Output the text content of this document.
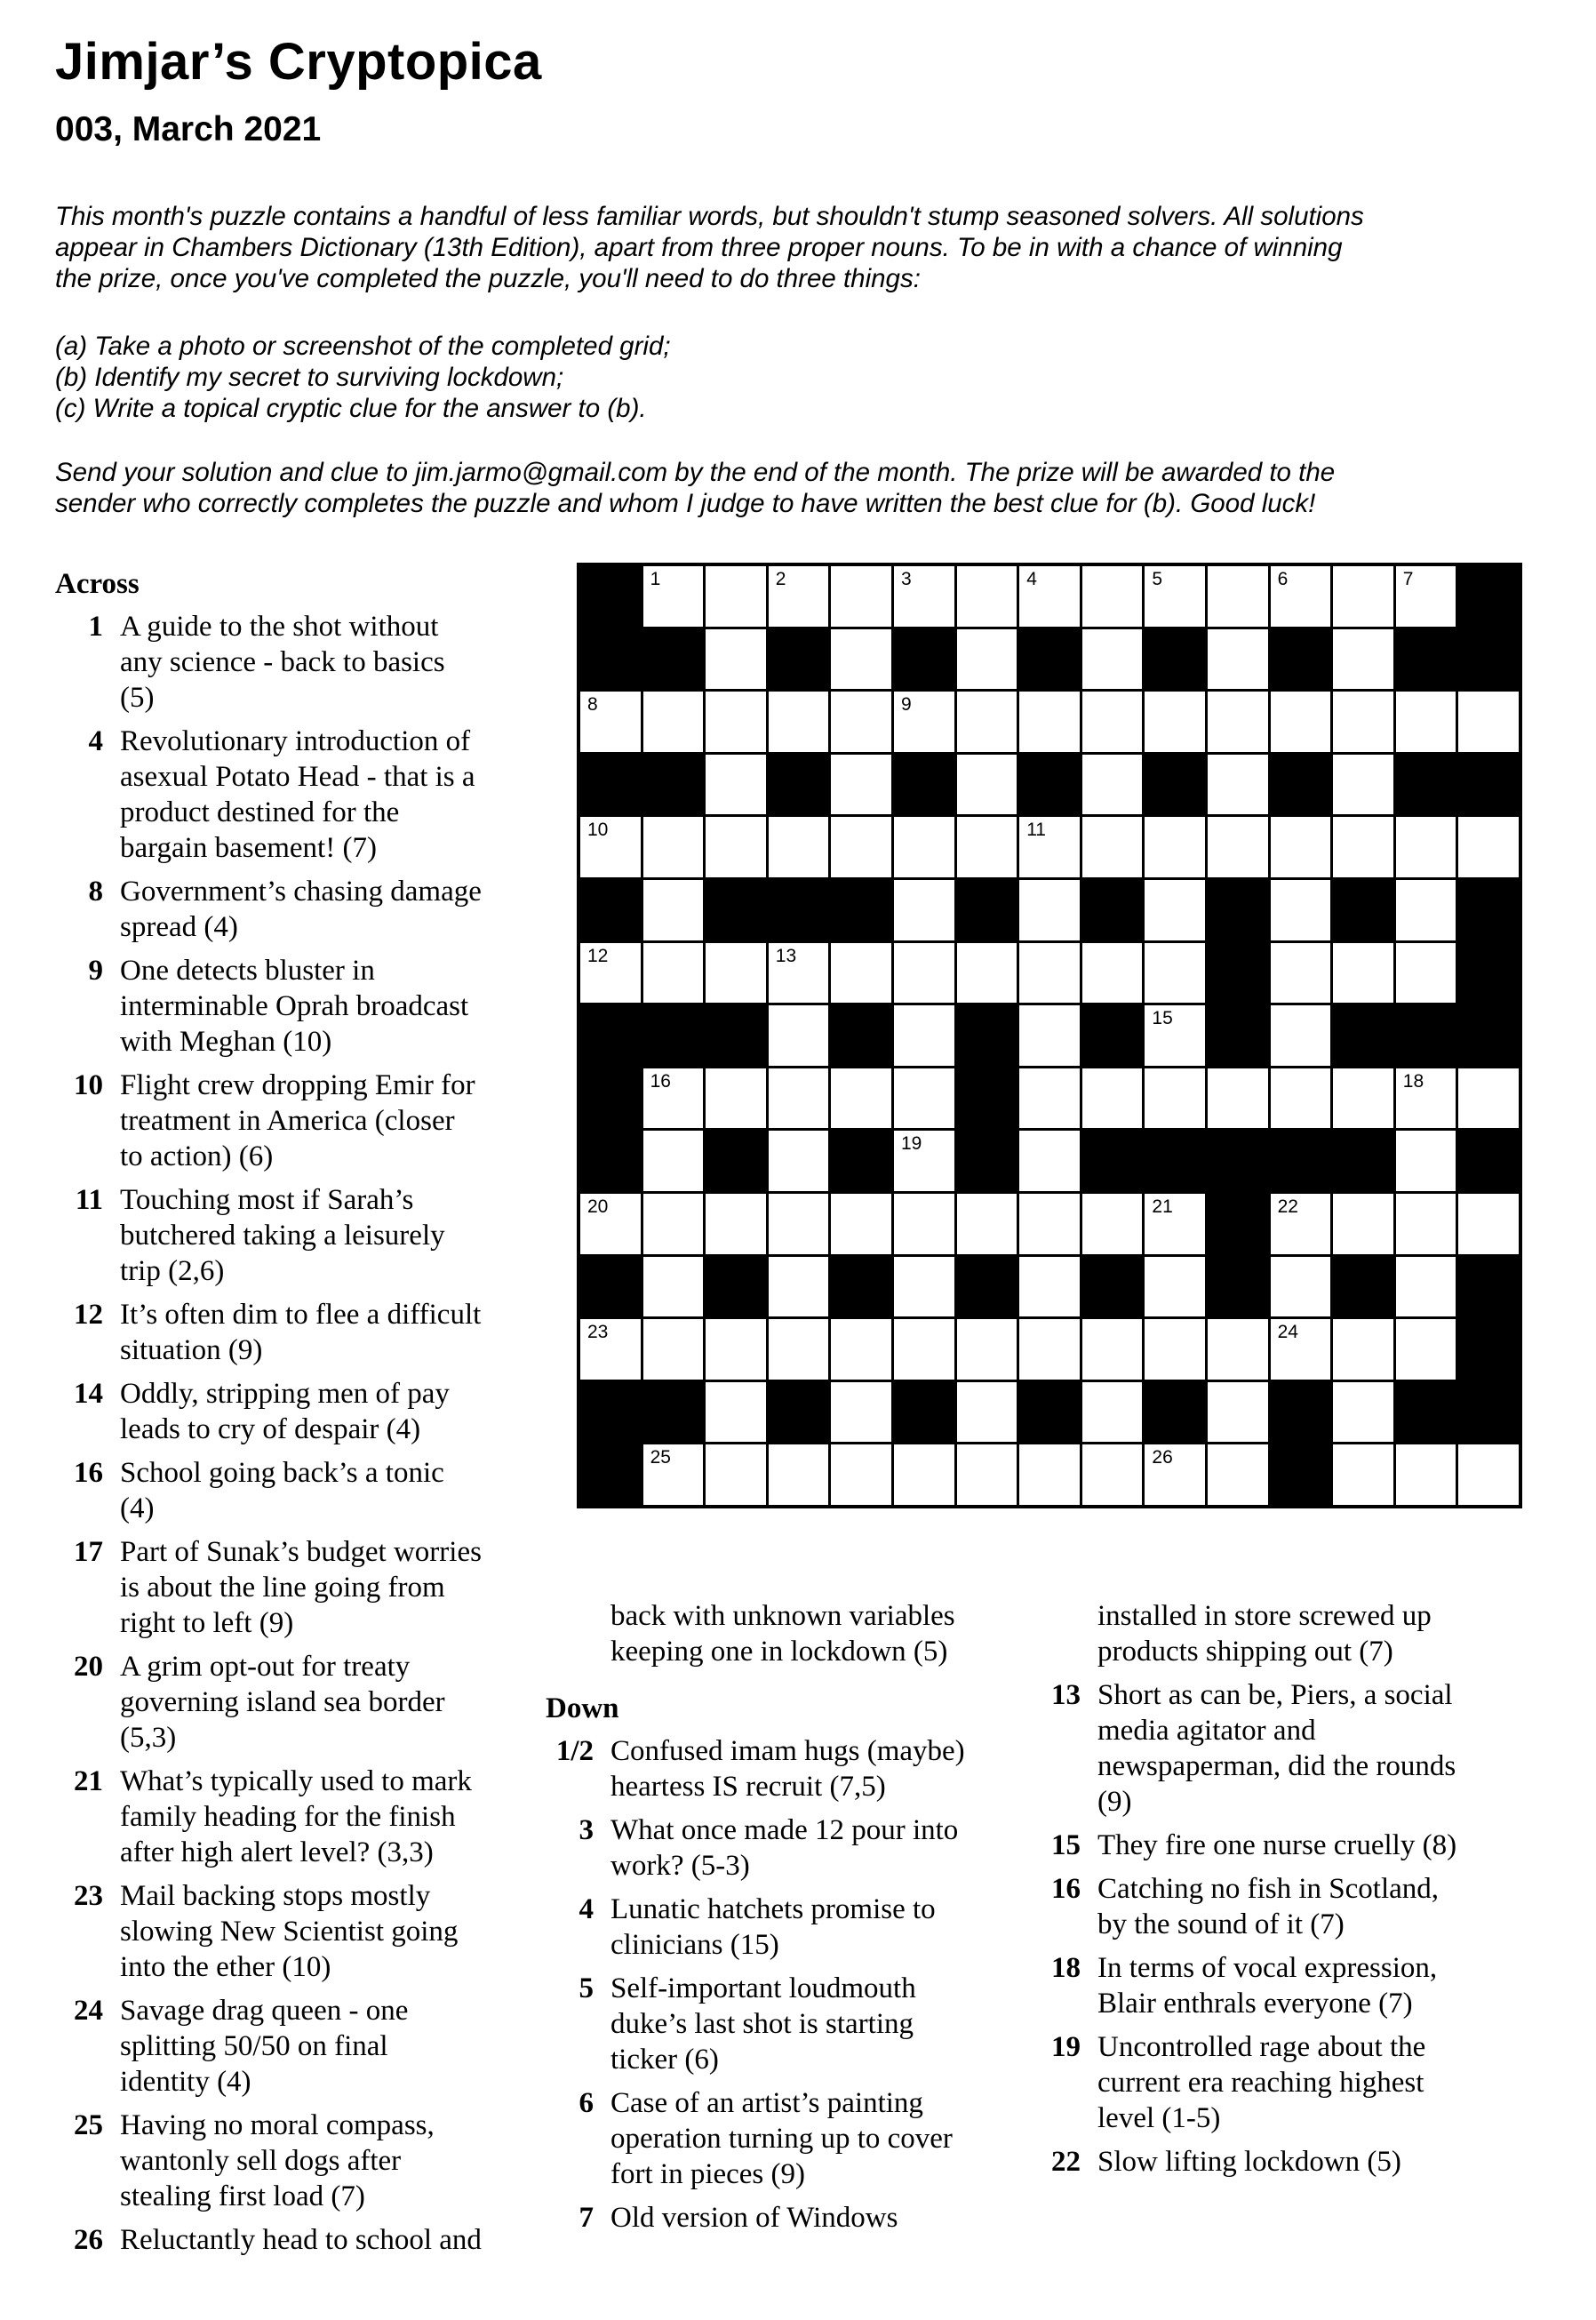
Jimjar’s Cryptopica
003, March 2021
This month's puzzle contains a handful of less familiar words, but shouldn't stump seasoned solvers. All solutions
appear in Chambers Dictionary (13th Edition), apart from three proper nouns. To be in with a chance of winning
the prize, once you've completed the puzzle, you'll need to do three things:
(a) Take a photo or screenshot of the completed grid;
(b) Identify my secret to surviving lockdown;
(c) Write a topical cryptic clue for the answer to (b).
Send your solution and clue to jim.jarmo@gmail.com by the end of the month. The prize will be awarded to the
sender who correctly completes the puzzle and whom I judge to have written the best clue for (b). Good luck!
1	2	3	4	5	6	7
8	9
10	11
12	13	14
15
16	17	18
19
20	21	22
23	24
25	26
Across
1 A guide to the shot without
any science - back to basics
(5)
4 Revolutionary introduction of
asexual Potato Head - that is a
product destined for the
bargain basement! (7)
8 Government’s chasing damage
spread (4)
9 One detects bluster in
interminable Oprah broadcast
with Meghan (10)
10 Flight crew dropping Emir for
treatment in America (closer
to action) (6)
11 Touching most if Sarah’s
butchered taking a leisurely
trip (2,6)
12 It’s often dim to flee a difficult
situation (9)
14 Oddly, stripping men of pay
leads to cry of despair (4)
16 School going back’s a tonic
(4)
17 Part of Sunak’s budget worries
is about the line going from
right to left (9)
20 A grim opt-out for treaty
governing island sea border
(5,3)
21 What’s typically used to mark
family heading for the finish
after high alert level? (3,3)
23 Mail backing stops mostly
slowing New Scientist going
into the ether (10)
24 Savage drag queen - one
splitting 50/50 on final
identity (4)
25 Having no moral compass,
wantonly sell dogs after
stealing first load (7)
26 Reluctantly head to school and
back with unknown variables
keeping one in lockdown (5)
Down
1/2 Confused imam hugs (maybe)
heartess IS recruit (7,5)
3 What once made 12 pour into
work? (5-3)
4 Lunatic hatchets promise to
clinicians (15)
5 Self-important loudmouth
duke’s last shot is starting
ticker (6)
6 Case of an artist’s painting
operation turning up to cover
fort in pieces (9)
7 Old version of Windows
installed in store screwed up
products shipping out (7)
13 Short as can be, Piers, a social
media agitator and
newspaperman, did the rounds
(9)
15 They fire one nurse cruelly (8)
16 Catching no fish in Scotland,
by the sound of it (7)
18 In terms of vocal expression,
Blair enthrals everyone (7)
19 Uncontrolled rage about the
current era reaching highest
level (1-5)
22 Slow lifting lockdown (5)
